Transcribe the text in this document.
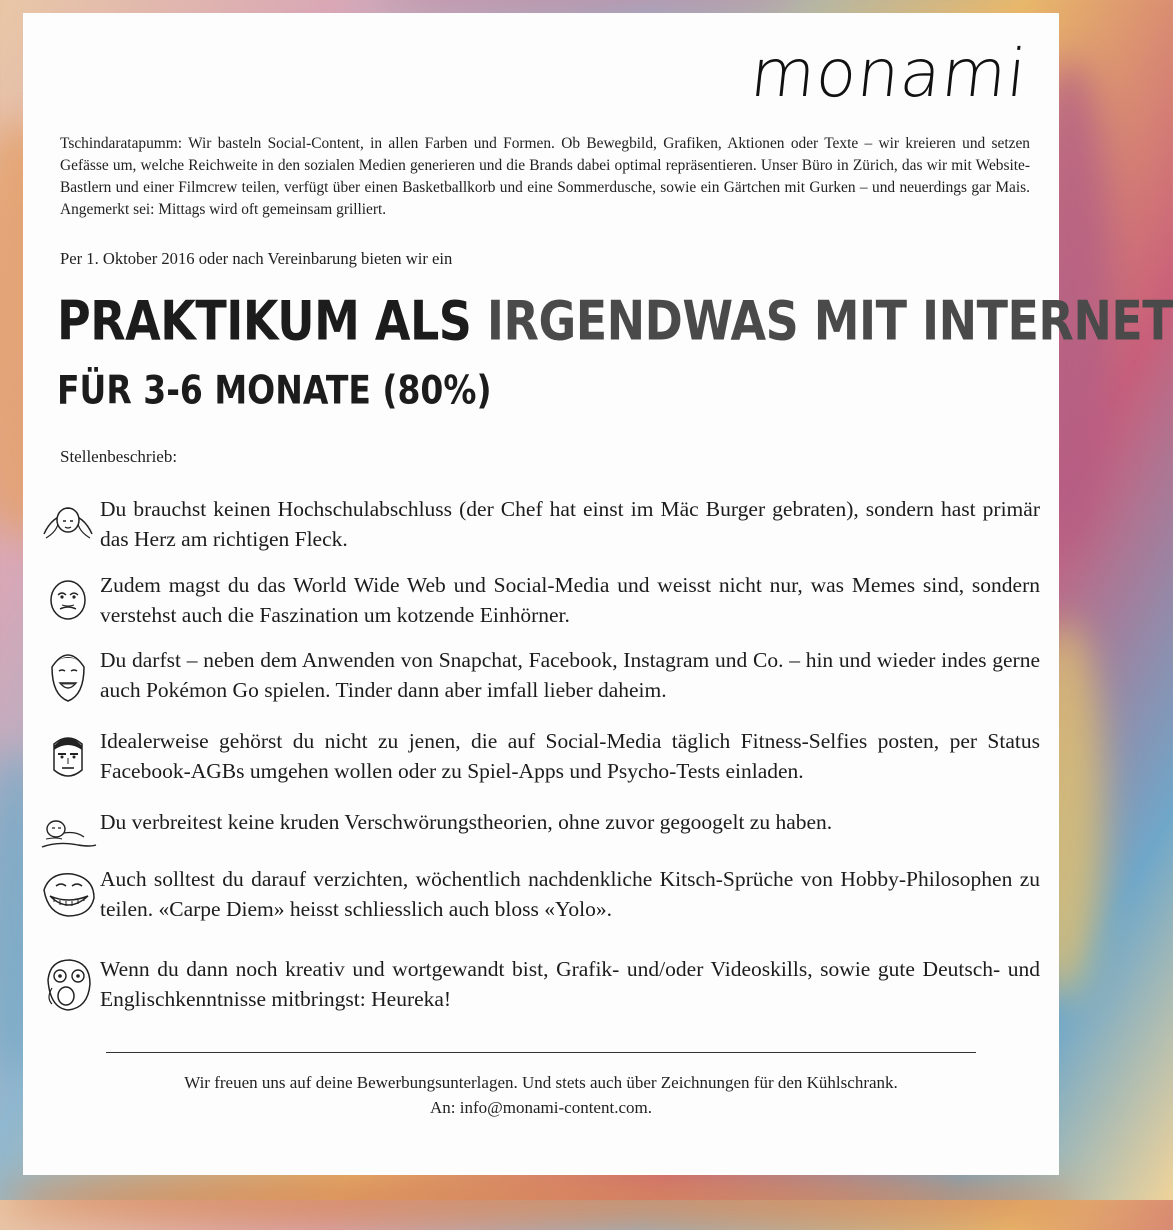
monami

Tschindaratapumm: Wir basteln Social-Content, in allen Farben und Formen. Ob Bewegbild, Grafiken, Aktionen oder Texte – wir kreieren und setzen Gefässe um, welche Reichweite in den sozialen Medien generieren und die Brands dabei optimal repräsentieren. Unser Büro in Zürich, das wir mit Website-Bastlern und einer Filmcrew teilen, verfügt über einen Basketballkorb und eine Sommerdusche, sowie ein Gärtchen mit Gurken – und neuerdings gar Mais. Angemerkt sei: Mittags wird oft gemeinsam grilliert.

Per 1. Oktober 2016 oder nach Vereinbarung bieten wir ein
PRAKTIKUM ALS IRGENDWAS MIT INTERNET
FÜR 3-6 MONATE (80%)
Stellenbeschrieb:
Du brauchst keinen Hochschulabschluss (der Chef hat einst im Mäc Burger gebraten), sondern hast primär das Herz am richtigen Fleck.
Zudem magst du das World Wide Web und Social-Media und weisst nicht nur, was Memes sind, sondern verstehst auch die Faszination um kotzende Einhörner.
Du darfst – neben dem Anwenden von Snapchat, Facebook, Instagram und Co. – hin und wieder indes gerne auch Pokémon Go spielen. Tinder dann aber imfall lieber daheim.
Idealerweise gehörst du nicht zu jenen, die auf Social-Media täglich Fitness-Selfies posten, per Status Facebook-AGBs umgehen wollen oder zu Spiel-Apps und Psycho-Tests einladen.
Du verbreitest keine kruden Verschwörungstheorien, ohne zuvor gegoogelt zu haben.
Auch solltest du darauf verzichten, wöchentlich nachdenkliche Kitsch-Sprüche von Hobby-Philosophen zu teilen. «Carpe Diem» heisst schliesslich auch bloss «Yolo».
Wenn du dann noch kreativ und wortgewandt bist, Grafik- und/oder Videoskills, sowie gute Deutsch- und Englischkenntnisse mitbringst: Heureka!
Wir freuen uns auf deine Bewerbungsunterlagen. Und stets auch über Zeichnungen für den Kühlschrank.
An: info@monami-content.com.
